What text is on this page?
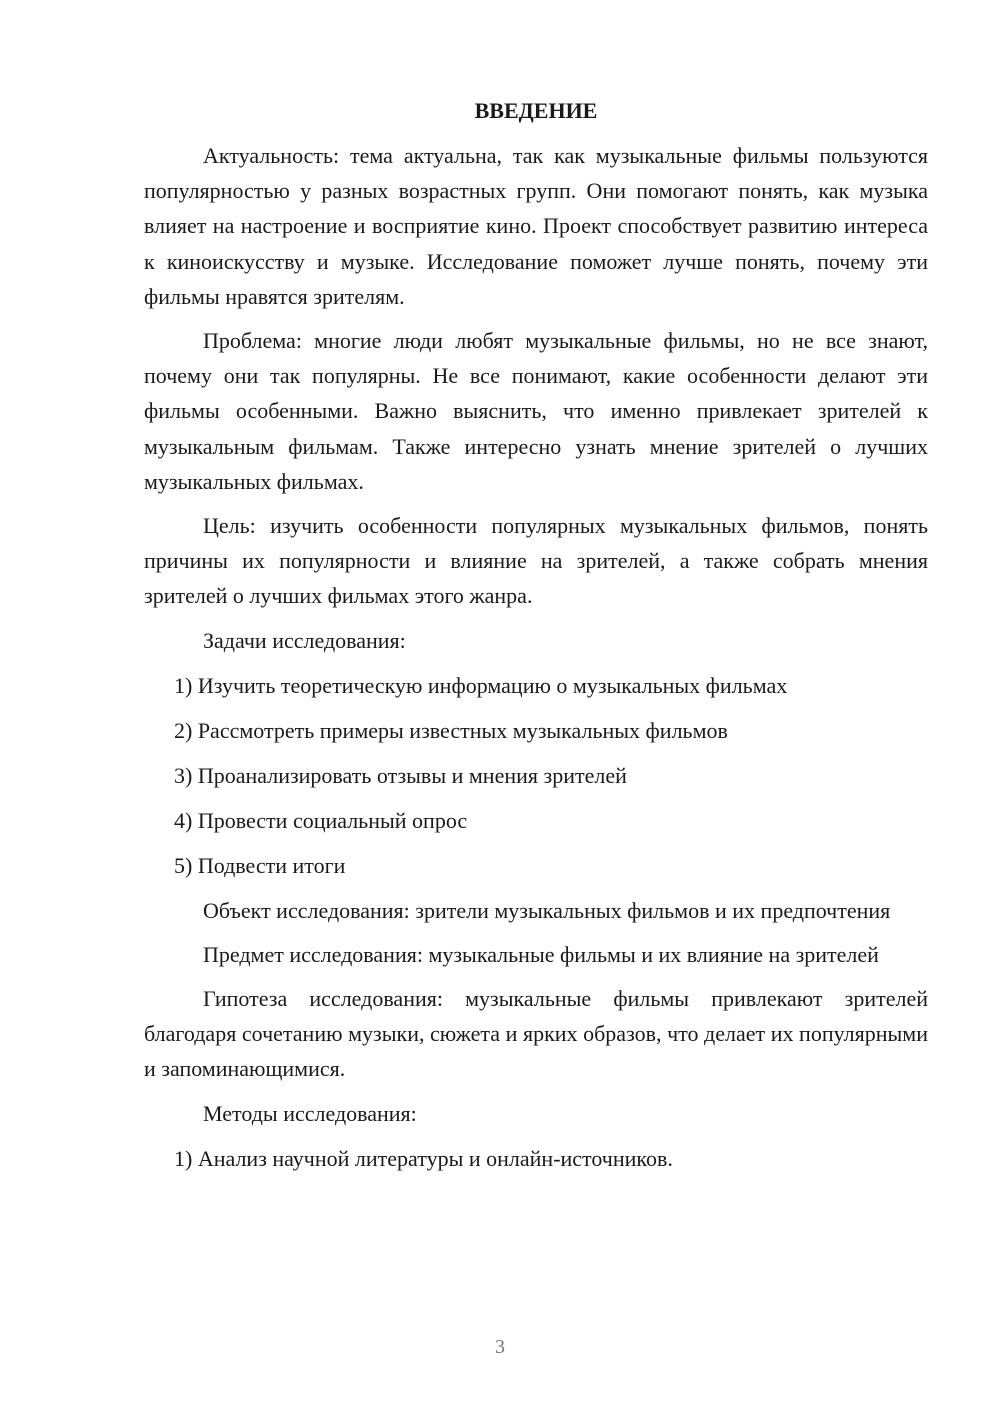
ВВЕДЕНИЕ

Актуальность: тема актуальна, так как музыкальные фильмы пользуются популярностью у разных возрастных групп. Они помогают понять, как музыка влияет на настроение и восприятие кино. Проект способствует развитию интереса к киноискусству и музыке. Исследование поможет лучше понять, почему эти фильмы нравятся зрителям.

Проблема: многие люди любят музыкальные фильмы, но не все знают, почему они так популярны. Не все понимают, какие особенности делают эти фильмы особенными. Важно выяснить, что именно привлекает зрителей к музыкальным фильмам. Также интересно узнать мнение зрителей о лучших музыкальных фильмах.

Цель: изучить особенности популярных музыкальных фильмов, понять причины их популярности и влияние на зрителей, а также собрать мнения зрителей о лучших фильмах этого жанра.

Задачи исследования:
1) Изучить теоретическую информацию о музыкальных фильмах
2) Рассмотреть примеры известных музыкальных фильмов
3) Проанализировать отзывы и мнения зрителей
4) Провести социальный опрос
5) Подвести итоги

Объект исследования: зрители музыкальных фильмов и их предпочтения

Предмет исследования: музыкальные фильмы и их влияние на зрителей

Гипотеза исследования: музыкальные фильмы привлекают зрителей благодаря сочетанию музыки, сюжета и ярких образов, что делает их популярными и запоминающимися.

Методы исследования:
1) Анализ научной литературы и онлайн-источников.
3
